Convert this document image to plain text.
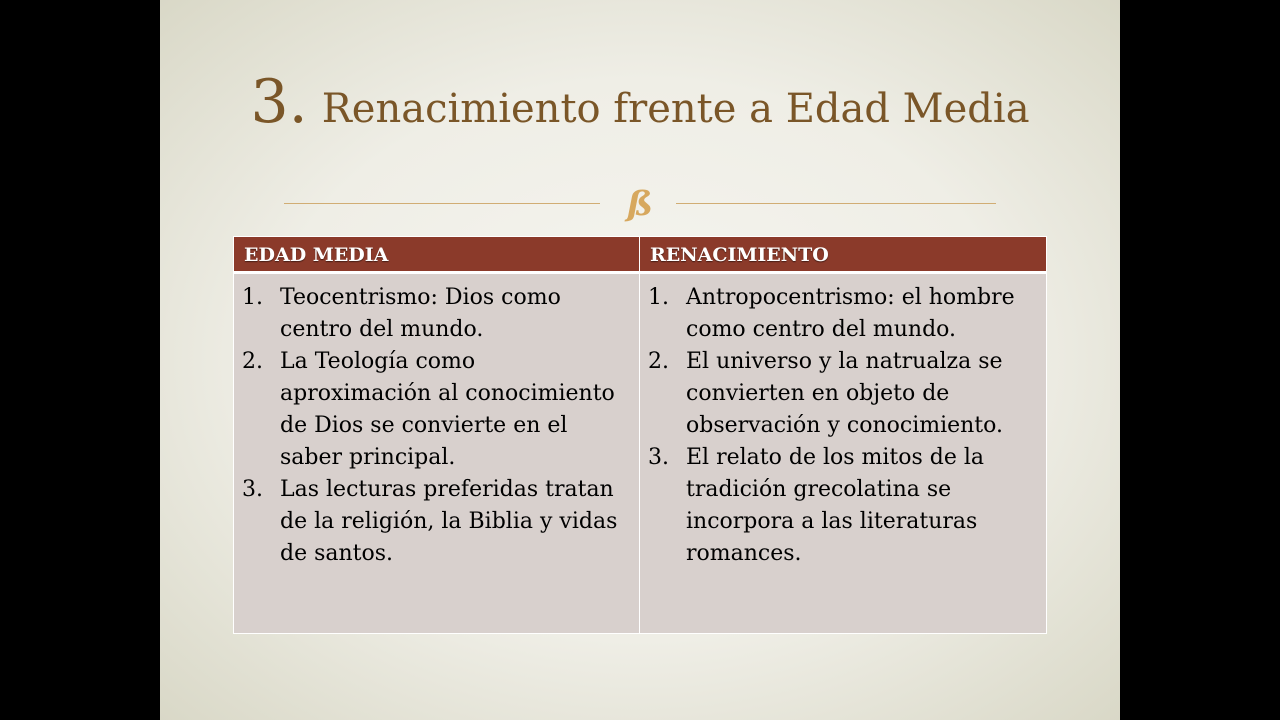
3. Renacimiento frente a Edad Media
ß
EDAD MEDIA	RENACIMIENTO
1. Teocentrismo: Dios como centro del mundo.
2. La Teología como aproximación al conocimiento de Dios se convierte en el saber principal.
3. Las lecturas preferidas tratan de la religión, la Biblia y vidas de santos.
1. Antropocentrismo: el hombre como centro del mundo.
2. El universo y la natrualza se convierten en objeto de observación y conocimiento.
3. El relato de los mitos de la tradición grecolatina se incorpora a las literaturas romances.
